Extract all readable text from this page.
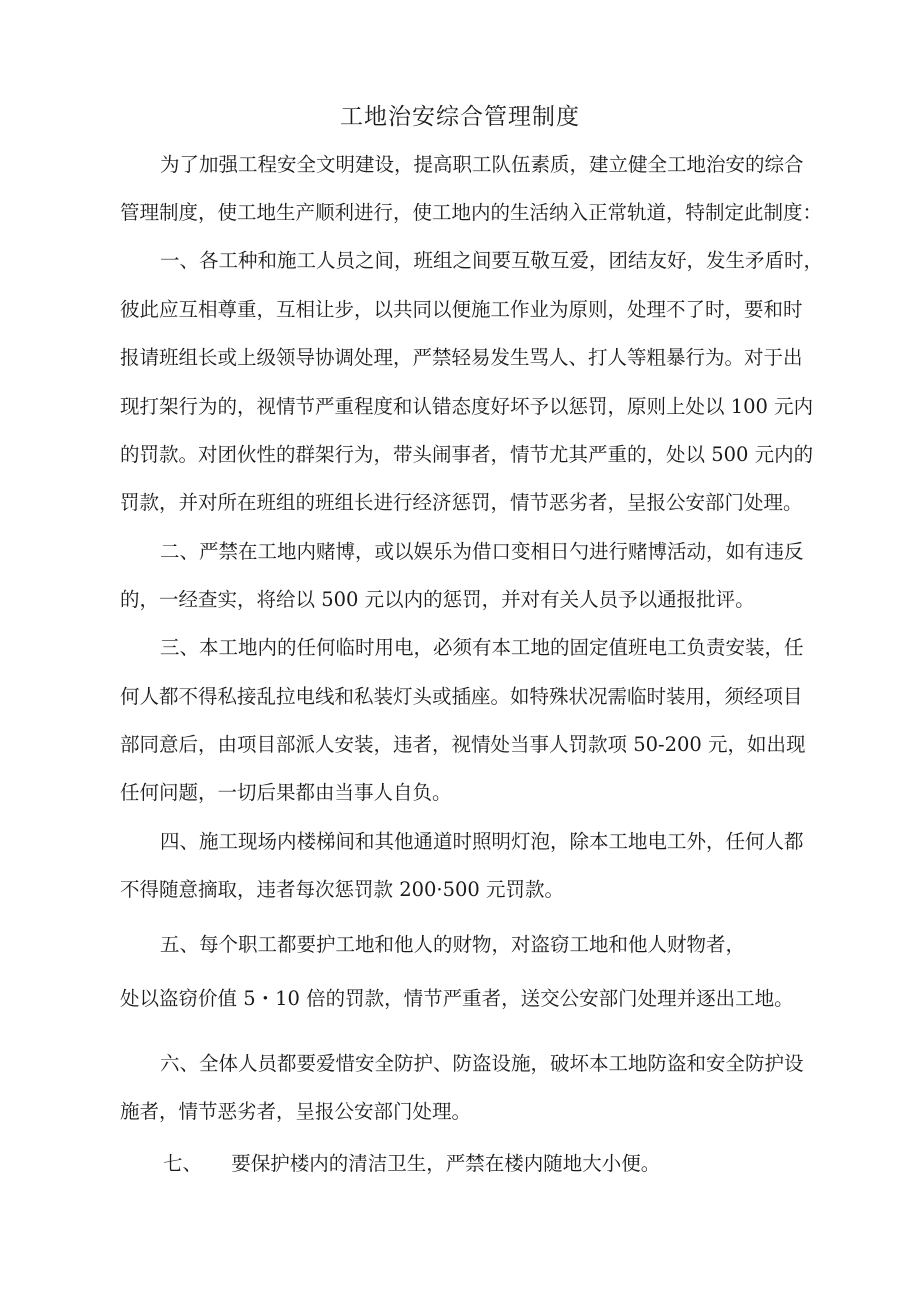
工地治安综合管理制度
为了加强工程安全文明建设，提高职工队伍素质，建立健全工地治安的综合
管理制度，使工地生产顺利进行，使工地内的生活纳入正常轨道，特制定此制度：
一、各工种和施工人员之间，班组之间要互敬互爱，团结友好，发生矛盾时，
彼此应互相尊重，互相让步，以共同以便施工作业为原则，处理不了时，要和时
报请班组长或上级领导协调处理，严禁轻易发生骂人、打人等粗暴行为。对于出
现打架行为的，视情节严重程度和认错态度好坏予以惩罚，原则上处以 100 元内
的罚款。对团伙性的群架行为，带头闹事者，情节尤其严重的，处以 500 元内的
罚款，并对所在班组的班组长进行经济惩罚，情节恶劣者，呈报公安部门处理。
二、严禁在工地内赌博，或以娱乐为借口变相日勺进行赌博活动，如有违反
的，一经查实，将给以 500 元以内的惩罚，并对有关人员予以通报批评。
三、本工地内的任何临时用电，必须有本工地的固定值班电工负责安装，任
何人都不得私接乱拉电线和私装灯头或插座。如特殊状况需临时装用，须经项目
部同意后，由项目部派人安装，违者，视情处当事人罚款项 50-200 元，如出现
任何问题，一切后果都由当事人自负。
四、施工现场内楼梯间和其他通道时照明灯泡，除本工地电工外，任何人都
不得随意摘取，违者每次惩罚款 200·500 元罚款。
五、每个职工都要护工地和他人的财物，对盗窃工地和他人财物者，
处以盗窃价值 5・10 倍的罚款，情节严重者，送交公安部门处理并逐出工地。
六、全体人员都要爱惜安全防护、防盗设施，破坏本工地防盗和安全防护设
施者，情节恶劣者，呈报公安部门处理。
七、　　要保护楼内的清洁卫生，严禁在楼内随地大小便。
